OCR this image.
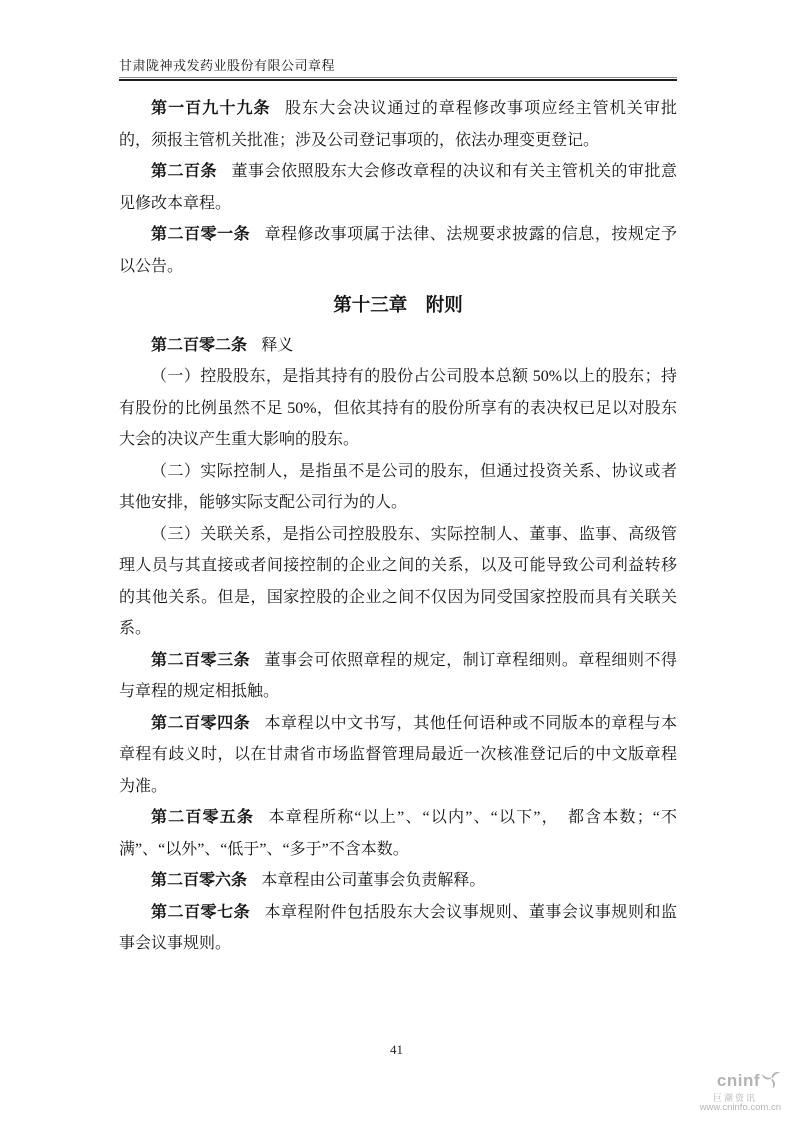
甘肃陇神戎发药业股份有限公司章程

第一百九十九条 股东大会决议通过的章程修改事项应经主管机关审批的，须报主管机关批准；涉及公司登记事项的，依法办理变更登记。

第二百条 董事会依照股东大会修改章程的决议和有关主管机关的审批意见修改本章程。

第二百零一条 章程修改事项属于法律、法规要求披露的信息，按规定予以公告。

第十三章　附则

第二百零二条 释义

（一）控股股东，是指其持有的股份占公司股本总额 50%以上的股东；持有股份的比例虽然不足 50%，但依其持有的股份所享有的表决权已足以对股东大会的决议产生重大影响的股东。

（二）实际控制人，是指虽不是公司的股东，但通过投资关系、协议或者其他安排，能够实际支配公司行为的人。

（三）关联关系，是指公司控股股东、实际控制人、董事、监事、高级管理人员与其直接或者间接控制的企业之间的关系，以及可能导致公司利益转移的其他关系。但是，国家控股的企业之间不仅因为同受国家控股而具有关联关系。

第二百零三条 董事会可依照章程的规定，制订章程细则。章程细则不得与章程的规定相抵触。

第二百零四条 本章程以中文书写，其他任何语种或不同版本的章程与本章程有歧义时，以在甘肃省市场监督管理局最近一次核准登记后的中文版章程为准。

第二百零五条 本章程所称“以上”、“以内”、“以下”，　都含本数；“不满”、“以外”、“低于”、“多于”不含本数。

第二百零六条 本章程由公司董事会负责解释。

第二百零七条 本章程附件包括股东大会议事规则、董事会议事规则和监事会议事规则。

41
cninf
巨潮资讯
www.cninfo.com.cn
